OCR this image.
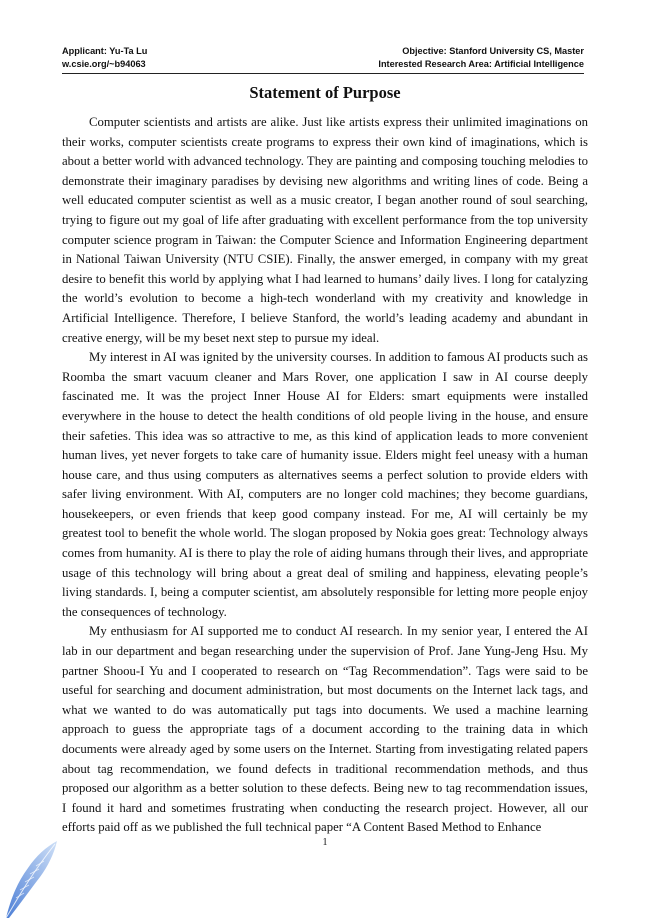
Applicant: Yu-Ta Lu
w.csie.org/~b94063
Objective: Stanford University CS, Master
Interested Research Area: Artificial Intelligence
Statement of Purpose

Computer scientists and artists are alike. Just like artists express their unlimited imaginations on their works, computer scientists create programs to express their own kind of imaginations, which is about a better world with advanced technology. They are painting and composing touching melodies to demonstrate their imaginary paradises by devising new algorithms and writing lines of code. Being a well educated computer scientist as well as a music creator, I began another round of soul searching, trying to figure out my goal of life after graduating with excellent performance from the top university computer science program in Taiwan: the Computer Science and Information Engineering department in National Taiwan University (NTU CSIE). Finally, the answer emerged, in company with my great desire to benefit this world by applying what I had learned to humans’ daily lives. I long for catalyzing the world’s evolution to become a high-tech wonderland with my creativity and knowledge in Artificial Intelligence. Therefore, I believe Stanford, the world’s leading academy and abundant in creative energy, will be my beset next step to pursue my ideal.

My interest in AI was ignited by the university courses. In addition to famous AI products such as Roomba the smart vacuum cleaner and Mars Rover, one application I saw in AI course deeply fascinated me. It was the project Inner House AI for Elders: smart equipments were installed everywhere in the house to detect the health conditions of old people living in the house, and ensure their safeties. This idea was so attractive to me, as this kind of application leads to more convenient human lives, yet never forgets to take care of humanity issue. Elders might feel uneasy with a human house care, and thus using computers as alternatives seems a perfect solution to provide elders with safer living environment. With AI, computers are no longer cold machines; they become guardians, housekeepers, or even friends that keep good company instead. For me, AI will certainly be my greatest tool to benefit the whole world. The slogan proposed by Nokia goes great: Technology always comes from humanity. AI is there to play the role of aiding humans through their lives, and appropriate usage of this technology will bring about a great deal of smiling and happiness, elevating people’s living standards. I, being a computer scientist, am absolutely responsible for letting more people enjoy the consequences of technology.

My enthusiasm for AI supported me to conduct AI research. In my senior year, I entered the AI lab in our department and began researching under the supervision of Prof. Jane Yung-Jeng Hsu. My partner Shoou-I Yu and I cooperated to research on “Tag Recommendation”. Tags were said to be useful for searching and document administration, but most documents on the Internet lack tags, and what we wanted to do was automatically put tags into documents. We used a machine learning approach to guess the appropriate tags of a document according to the training data in which documents were already aged by some users on the Internet. Starting from investigating related papers about tag recommendation, we found defects in traditional recommendation methods, and thus proposed our algorithm as a better solution to these defects. Being new to tag recommendation issues, I found it hard and sometimes frustrating when conducting the research project. However, all our efforts paid off as we published the full technical paper “A Content Based Method to Enhance

1
